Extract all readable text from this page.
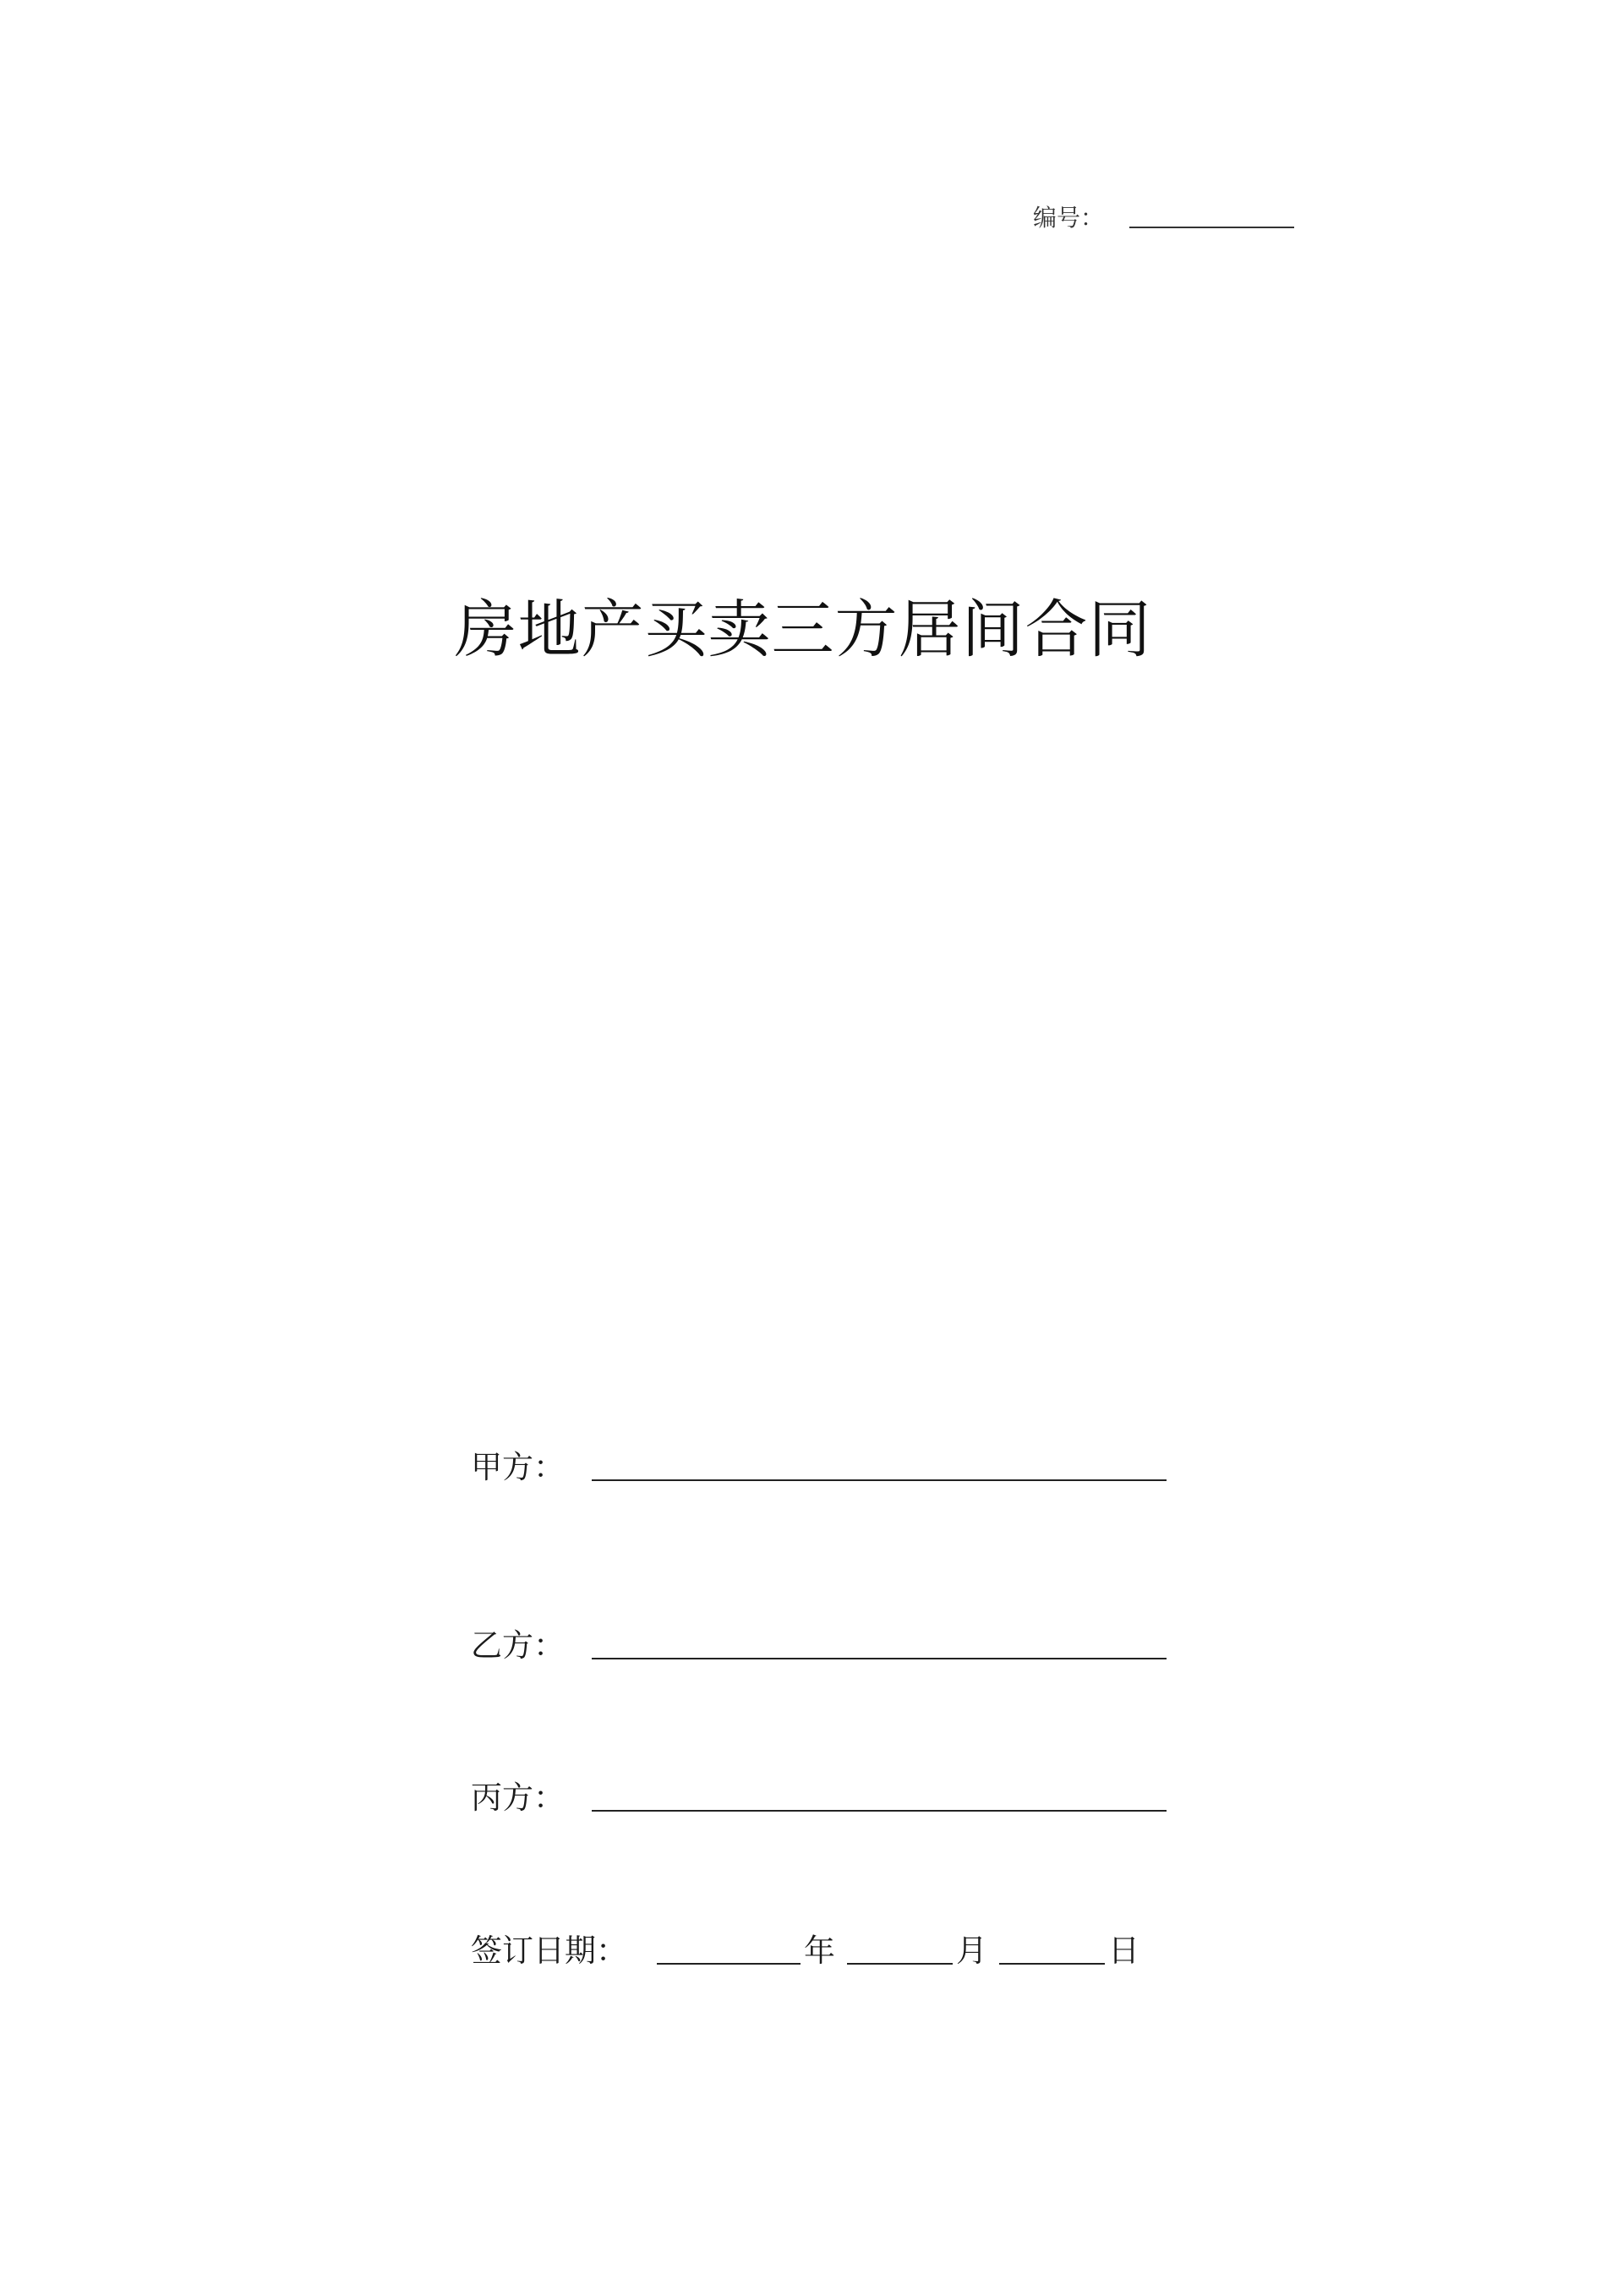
编号：
房地产买卖三方居间合同
甲方：
乙方：
丙方：
签订日期：	年	月	日
